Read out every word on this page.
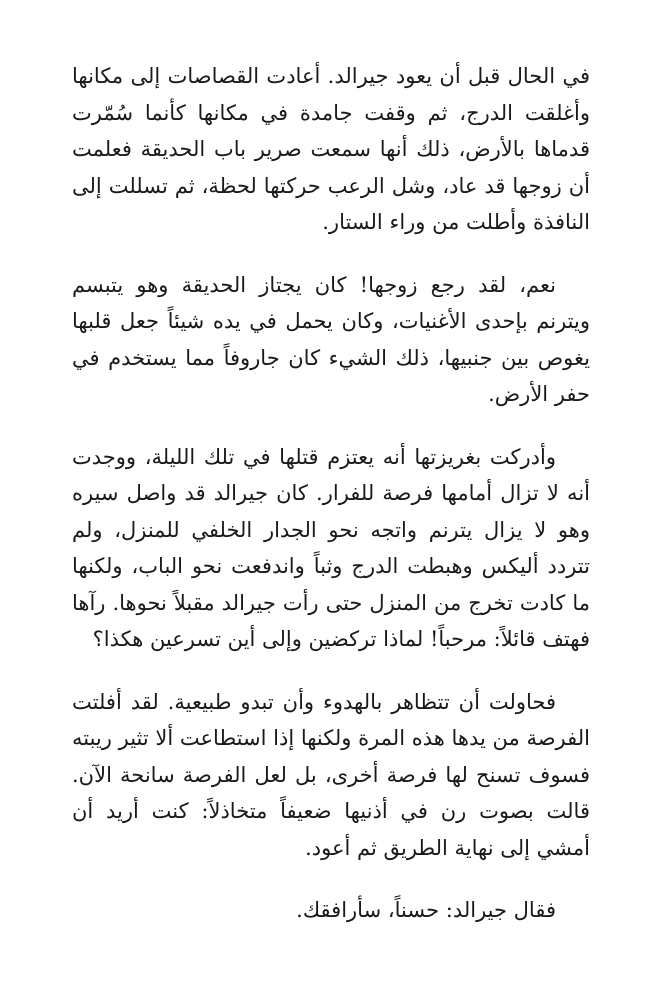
في الحال قبل أن يعود جيرالد. أعادت القصاصات إلى مكانها وأغلقت الدرج، ثم وقفت جامدة في مكانها كأنما سُمّرت قدماها بالأرض، ذلك أنها سمعت صرير باب الحديقة فعلمت أن زوجها قد عاد، وشل الرعب حركتها لحظة، ثم تسللت إلى النافذة وأطلت من وراء الستار.

نعم، لقد رجع زوجها! كان يجتاز الحديقة وهو يتبسم ويترنم بإحدى الأغنيات، وكان يحمل في يده شيئاً جعل قلبها يغوص بين جنبيها، ذلك الشيء كان جاروفاً مما يستخدم في حفر الأرض.

وأدركت بغريزتها أنه يعتزم قتلها في تلك الليلة، ووجدت أنه لا تزال أمامها فرصة للفرار. كان جيرالد قد واصل سيره وهو لا يزال يترنم واتجه نحو الجدار الخلفي للمنزل، ولم تتردد أليكس وهبطت الدرج وثباً واندفعت نحو الباب، ولكنها ما كادت تخرج من المنزل حتى رأت جيرالد مقبلاً نحوها. رآها فهتف قائلاً: مرحباً! لماذا تركضين وإلى أين تسرعين هكذا؟

فحاولت أن تتظاهر بالهدوء وأن تبدو طبيعية. لقد أفلتت الفرصة من يدها هذه المرة ولكنها إذا استطاعت ألا تثير ريبته فسوف تسنح لها فرصة أخرى، بل لعل الفرصة سانحة الآن. قالت بصوت رن في أذنيها ضعيفاً متخاذلاً: كنت أريد أن أمشي إلى نهاية الطريق ثم أعود.

فقال جيرالد: حسناً، سأرافقك.
